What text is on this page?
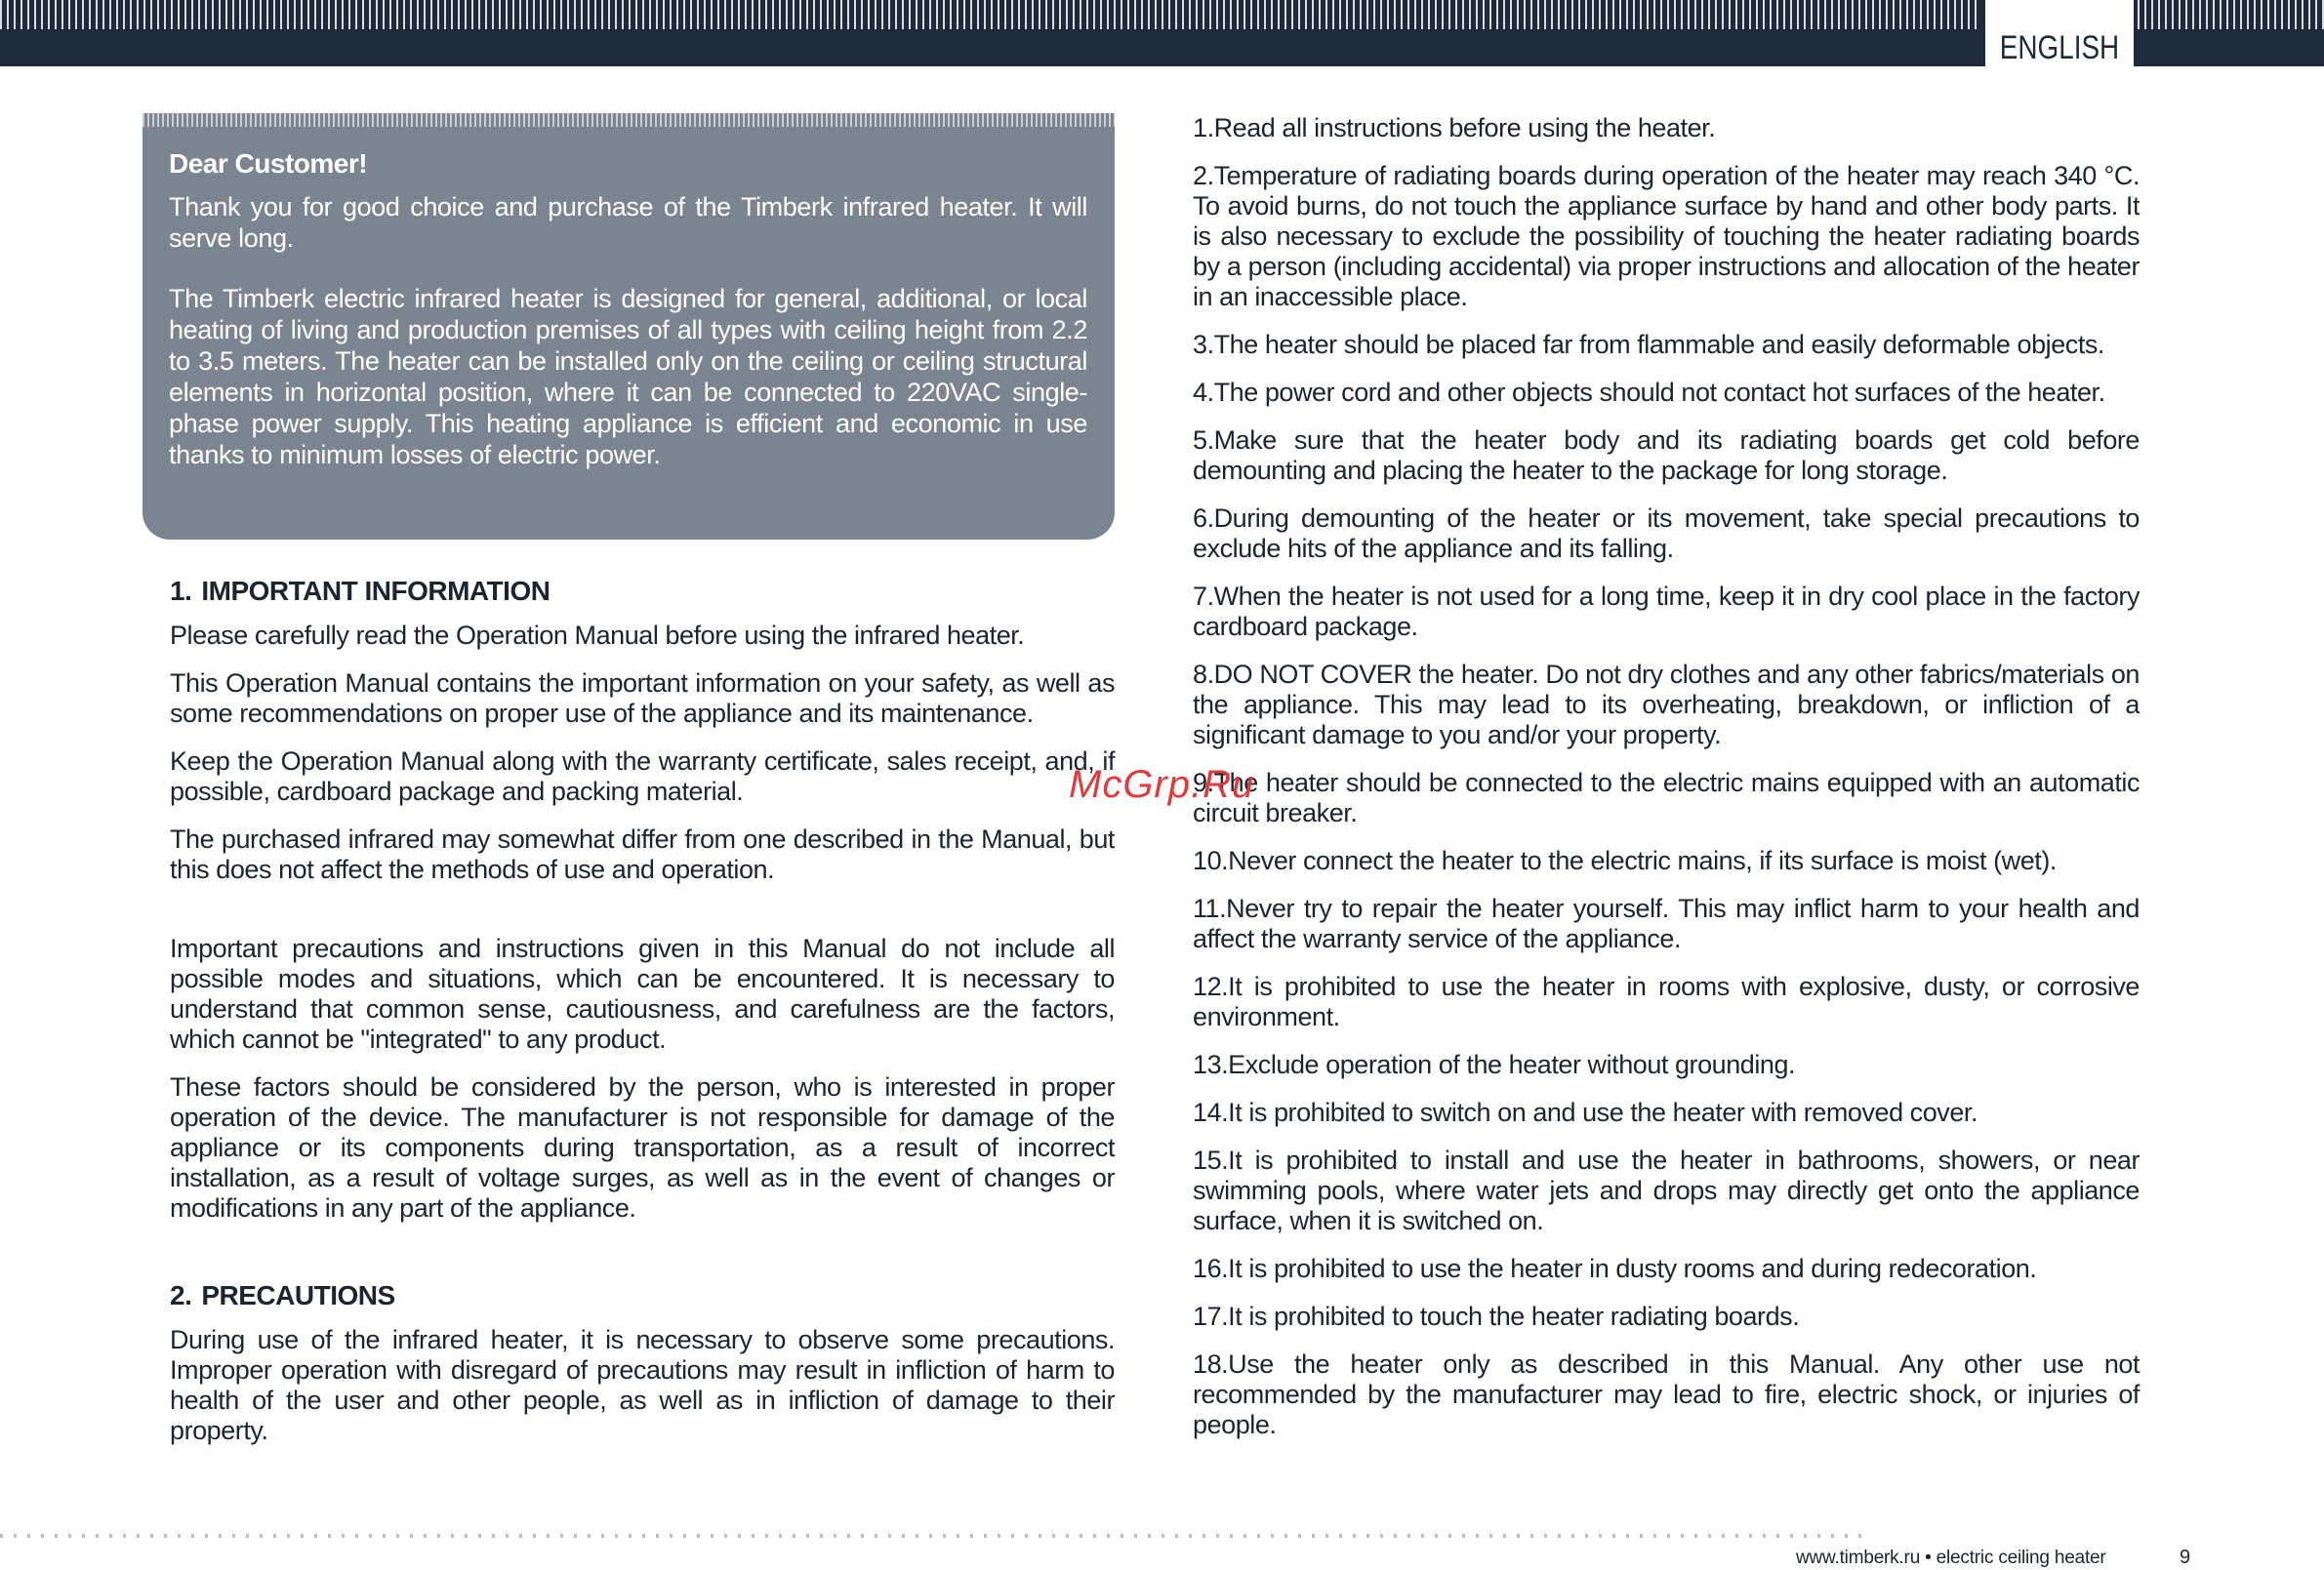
ENGLISH
Dear Customer!

Thank you for good choice and purchase of the Timberk infrared heater. It will serve long.

The Timberk electric infrared heater is designed for general, additional, or local heating of living and production premises of all types with ceiling height from 2.2 to 3.5 meters. The heater can be installed only on the ceiling or ceiling structural elements in horizontal position, where it can be connected to 220VAC single-phase power supply. This heating appliance is efficient and economic in use thanks to minimum losses of electric power.

1. IMPORTANT INFORMATION

Please carefully read the Operation Manual before using the infrared heater.

This Operation Manual contains the important information on your safety, as well as some recommendations on proper use of the appliance and its maintenance.

Keep the Operation Manual along with the warranty certificate, sales receipt, and, if possible, cardboard package and packing material.

The purchased infrared may somewhat differ from one described in the Manual, but this does not affect the methods of use and operation.

Important precautions and instructions given in this Manual do not include all possible modes and situations, which can be encountered. It is necessary to understand that common sense, cautiousness, and carefulness are the factors, which cannot be "integrated" to any product.

These factors should be considered by the person, who is interested in proper operation of the device. The manufacturer is not responsible for damage of the appliance or its components during transportation, as a result of incorrect installation, as a result of voltage surges, as well as in the event of changes or modifications in any part of the appliance.

2. PRECAUTIONS

During use of the infrared heater, it is necessary to observe some precautions. Improper operation with disregard of precautions may result in infliction of harm to health of the user and other people, as well as in infliction of damage to their property.

1.Read all instructions before using the heater.

2.Temperature of radiating boards during operation of the heater may reach 340 °C. To avoid burns, do not touch the appliance surface by hand and other body parts. It is also necessary to exclude the possibility of touching the heater radiating boards by a person (including accidental) via proper instructions and allocation of the heater in an inaccessible place.

3.The heater should be placed far from flammable and easily deformable objects.

4.The power cord and other objects should not contact hot surfaces of the heater.

5.Make sure that the heater body and its radiating boards get cold before demounting and placing the heater to the package for long storage.

6.During demounting of the heater or its movement, take special precautions to exclude hits of the appliance and its falling.

7.When the heater is not used for a long time, keep it in dry cool place in the factory cardboard package.

8.DO NOT COVER the heater. Do not dry clothes and any other fabrics/materials on the appliance. This may lead to its overheating, breakdown, or infliction of a significant damage to you and/or your property.

9.The heater should be connected to the electric mains equipped with an automatic circuit breaker.

10.Never connect the heater to the electric mains, if its surface is moist (wet).

11.Never try to repair the heater yourself. This may inflict harm to your health and affect the warranty service of the appliance.

12.It is prohibited to use the heater in rooms with explosive, dusty, or corrosive environment.

13.Exclude operation of the heater without grounding.

14.It is prohibited to switch on and use the heater with removed cover.

15.It is prohibited to install and use the heater in bathrooms, showers, or near swimming pools, where water jets and drops may directly get onto the appliance surface, when it is switched on.

16.It is prohibited to use the heater in dusty rooms and during redecoration.

17.It is prohibited to touch the heater radiating boards.

18.Use the heater only as described in this Manual. Any other use not recommended by the manufacturer may lead to fire, electric shock, or injuries of people.

McGrp.Ru
www.timberk.ru • electric ceiling heater	9
